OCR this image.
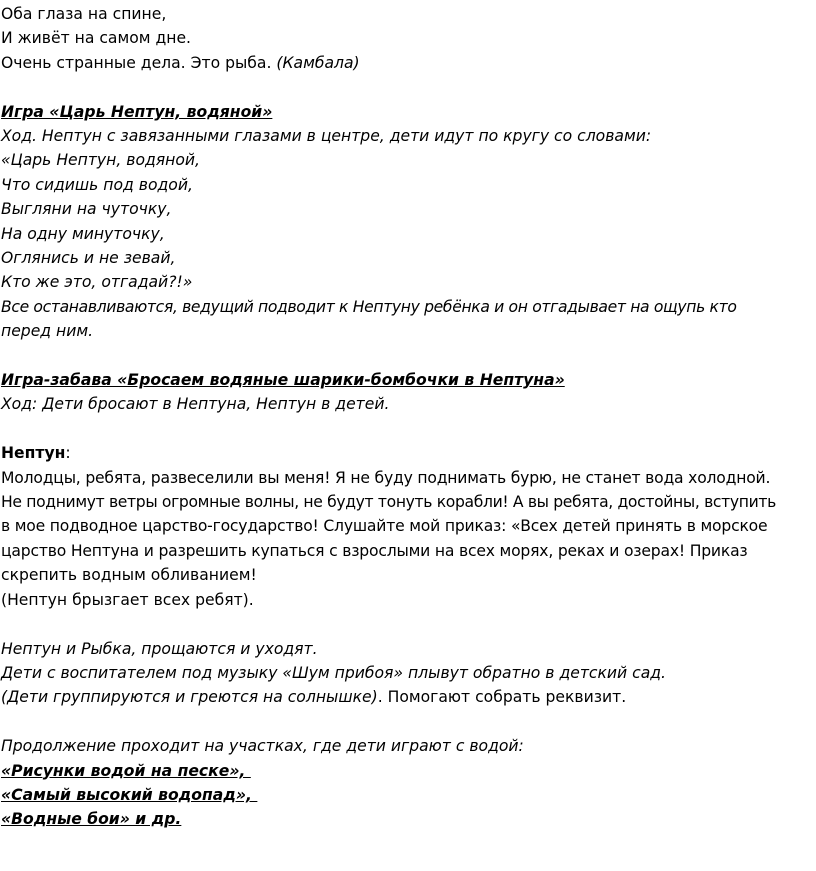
Оба глаза на спине,

И живёт на самом дне.

Очень странные дела. Это рыба. (Камбала)

Игра «Царь Нептун, водяной»

Ход. Нептун с завязанными глазами в центре, дети идут по кругу со словами:

«Царь Нептун, водяной,

Что сидишь под водой,

Выгляни на чуточку,

На одну минуточку,

Оглянись и не зевай,

Кто же это, отгадай?!»

Все останавливаются, ведущий подводит к Нептуну ребёнка и он отгадывает на ощупь кто

перед ним.

Игра-забава «Бросаем водяные шарики-бомбочки в Нептуна»

Ход: Дети бросают в Нептуна, Нептун в детей.

Нептун:

Молодцы, ребята, развеселили вы меня! Я не буду поднимать бурю, не станет вода холодной.

Не поднимут ветры огромные волны, не будут тонуть корабли! А вы ребята, достойны, вступить

в мое подводное царство-государство! Слушайте мой приказ: «Всех детей принять в морское

царство Нептуна и разрешить купаться с взрослыми на всех морях, реках и озерах! Приказ

скрепить водным обливанием!

(Нептун брызгает всех ребят).

Нептун и Рыбка, прощаются и уходят.

Дети с воспитателем под музыку «Шум прибоя» плывут обратно в детский сад.

(Дети группируются и греются на солнышке). Помогают собрать реквизит.

Продолжение проходит на участках, где дети играют с водой:

«Рисунки водой на песке»,

«Самый высокий водопад»,

«Водные бои» и др.
